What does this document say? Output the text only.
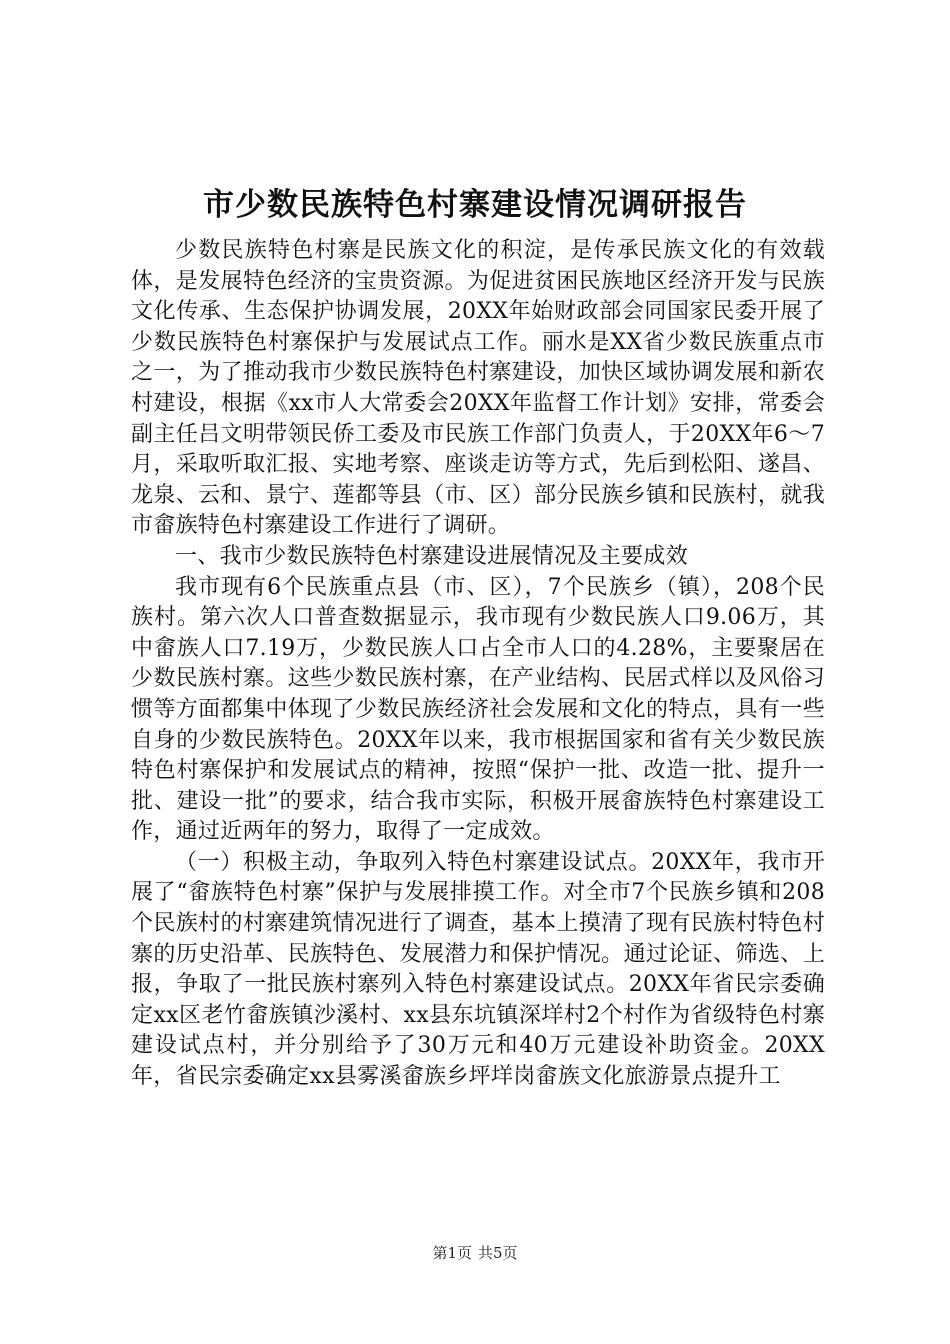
市少数民族特色村寨建设情况调研报告

少数民族特色村寨是民族文化的积淀，是传承民族文化的有效载体，是发展特色经济的宝贵资源。为促进贫困民族地区经济开发与民族文化传承、生态保护协调发展，20XX年始财政部会同国家民委开展了少数民族特色村寨保护与发展试点工作。丽水是XX省少数民族重点市之一，为了推动我市少数民族特色村寨建设，加快区域协调发展和新农村建设，根据《xx市人大常委会20XX年监督工作计划》安排，常委会副主任吕文明带领民侨工委及市民族工作部门负责人，于20XX年6～7月，采取听取汇报、实地考察、座谈走访等方式，先后到松阳、遂昌、龙泉、云和、景宁、莲都等县（市、区）部分民族乡镇和民族村，就我市畲族特色村寨建设工作进行了调研。

一、我市少数民族特色村寨建设进展情况及主要成效

我市现有6个民族重点县（市、区），7个民族乡（镇），208个民族村。第六次人口普查数据显示，我市现有少数民族人口9.06万，其中畲族人口7.19万，少数民族人口占全市人口的4.28%，主要聚居在少数民族村寨。这些少数民族村寨，在产业结构、民居式样以及风俗习惯等方面都集中体现了少数民族经济社会发展和文化的特点，具有一些自身的少数民族特色。20XX年以来，我市根据国家和省有关少数民族特色村寨保护和发展试点的精神，按照“保护一批、改造一批、提升一批、建设一批”的要求，结合我市实际，积极开展畲族特色村寨建设工作，通过近两年的努力，取得了一定成效。

（一）积极主动，争取列入特色村寨建设试点。20XX年，我市开展了“畲族特色村寨”保护与发展排摸工作。对全市7个民族乡镇和208个民族村的村寨建筑情况进行了调查，基本上摸清了现有民族村特色村寨的历史沿革、民族特色、发展潜力和保护情况。通过论证、筛选、上报，争取了一批民族村寨列入特色村寨建设试点。20XX年省民宗委确定xx区老竹畲族镇沙溪村、xx县东坑镇深垟村2个村作为省级特色村寨建设试点村，并分别给予了30万元和40万元建设补助资金。20XX年，省民宗委确定xx县雾溪畲族乡坪垟岗畲族文化旅游景点提升工

第1页 共5页
